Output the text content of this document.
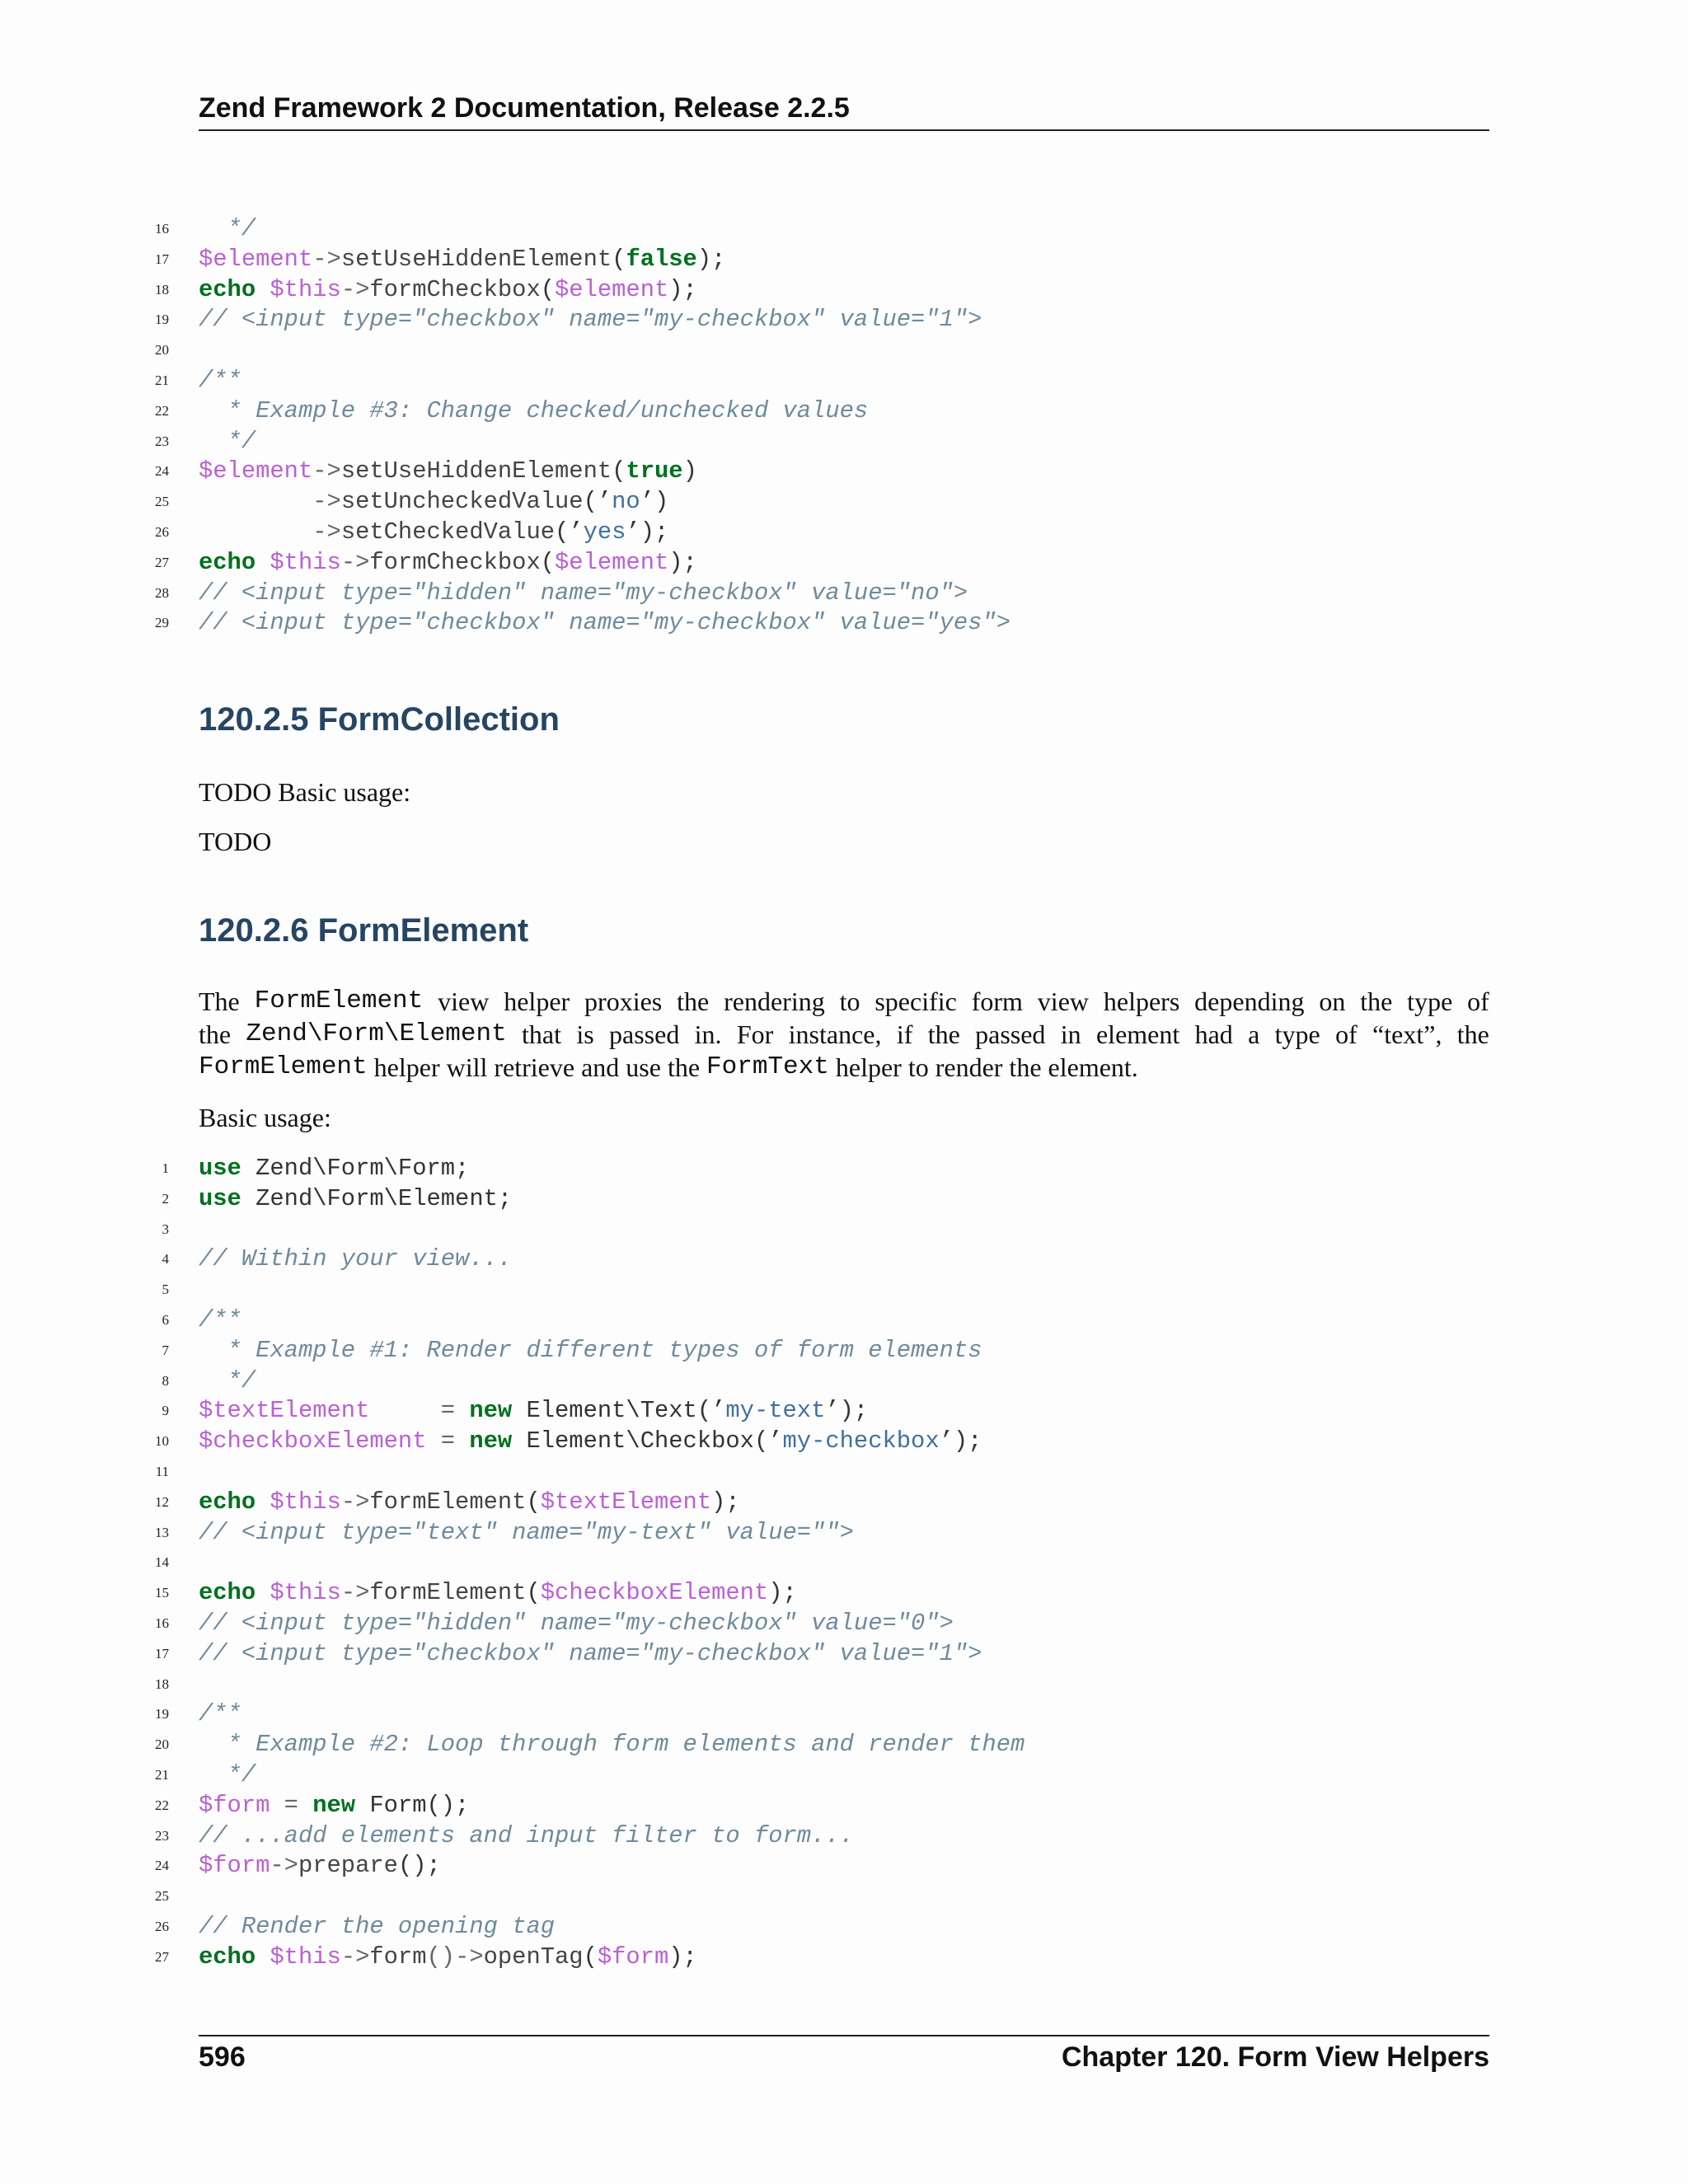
Zend Framework 2 Documentation, Release 2.2.5
16 */
17 $element->setUseHiddenElement(false);
18 echo $this->formCheckbox($element);
19 // <input type="checkbox" name="my-checkbox" value="1">
20
21 /**
22 * Example #3: Change checked/unchecked values
23 */
24 $element->setUseHiddenElement(true)
25 ->setUncheckedValue(’no’)
26 ->setCheckedValue(’yes’);
27 echo $this->formCheckbox($element);
28 // <input type="hidden" name="my-checkbox" value="no">
29 // <input type="checkbox" name="my-checkbox" value="yes">
120.2.5 FormCollection
TODO Basic usage:
TODO
120.2.6 FormElement
The FormElement view helper proxies the rendering to specific form view helpers depending on the type of
the Zend\Form\Element that is passed in. For instance, if the passed in element had a type of “text”, the
FormElement
helper
will
retrieve
and
use
the
FormText
helper
to
render
the
element.
Basic usage:
1 use Zend\Form\Form;
2 use Zend\Form\Element;
3
4 // Within your view...
5
6 /**
7 * Example #1: Render different types of form elements
8 */
9 $textElement     = new Element\Text(’my-text’);
10 $checkboxElement = new Element\Checkbox(’my-checkbox’);
11
12 echo $this->formElement($textElement);
13 // <input type="text" name="my-text" value="">
14
15 echo $this->formElement($checkboxElement);
16 // <input type="hidden" name="my-checkbox" value="0">
17 // <input type="checkbox" name="my-checkbox" value="1">
18
19 /**
20 * Example #2: Loop through form elements and render them
21 */
22 $form = new Form();
23 // ...add elements and input filter to form...
24 $form->prepare();
25
26 // Render the opening tag
27 echo $this->form()->openTag($form);
596	Chapter 120. Form View Helpers
